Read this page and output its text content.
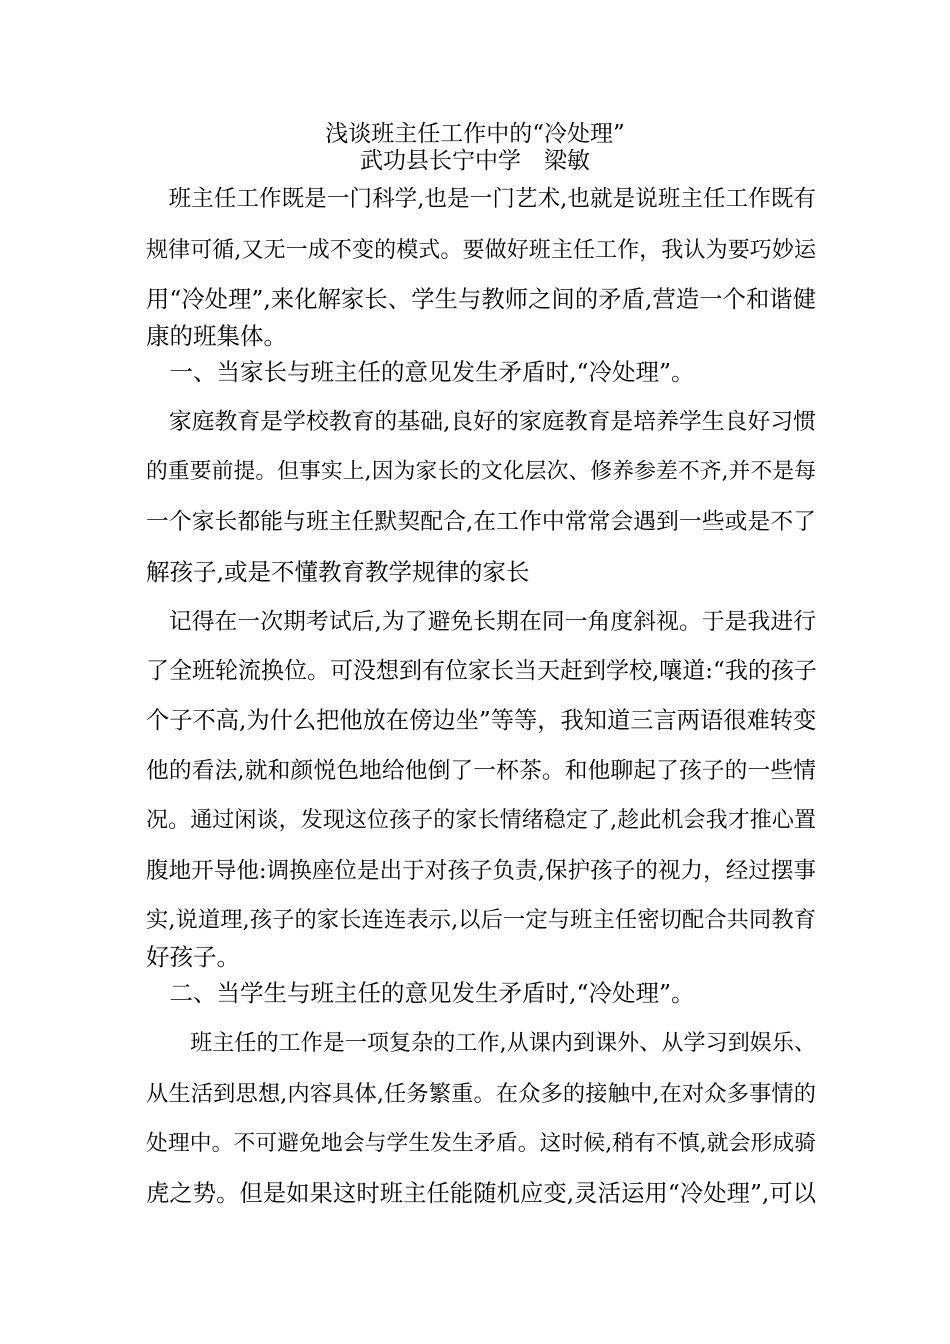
浅谈班主任工作中的“冷处理”
武功县长宁中学　梁敏
　班主任工作既是一门科学,也是一门艺术,也就是说班主任工作既有
规律可循,又无一成不变的模式。要做好班主任工作，我认为要巧妙运
用“冷处理”,来化解家长、学生与教师之间的矛盾,营造一个和谐健
康的班集体。
　一、当家长与班主任的意见发生矛盾时,“冷处理”。
　家庭教育是学校教育的基础,良好的家庭教育是培养学生良好习惯
的重要前提。但事实上,因为家长的文化层次、修养参差不齐,并不是每
一个家长都能与班主任默契配合,在工作中常常会遇到一些或是不了
解孩子,或是不懂教育教学规律的家长
　记得在一次期考试后,为了避免长期在同一角度斜视。于是我进行
了全班轮流换位。可没想到有位家长当天赶到学校,嚷道:“我的孩子
个子不高,为什么把他放在傍边坐”等等，我知道三言两语很难转变
他的看法,就和颜悦色地给他倒了一杯茶。和他聊起了孩子的一些情
况。通过闲谈，发现这位孩子的家长情绪稳定了,趁此机会我才推心置
腹地开导他:调换座位是出于对孩子负责,保护孩子的视力，经过摆事
实,说道理,孩子的家长连连表示,以后一定与班主任密切配合共同教育
好孩子。
　二、当学生与班主任的意见发生矛盾时,“冷处理”。
　　班主任的工作是一项复杂的工作,从课内到课外、从学习到娱乐、
从生活到思想,内容具体,任务繁重。在众多的接触中,在对众多事情的
处理中。不可避免地会与学生发生矛盾。这时候,稍有不慎,就会形成骑
虎之势。但是如果这时班主任能随机应变,灵活运用“冷处理”,可以
